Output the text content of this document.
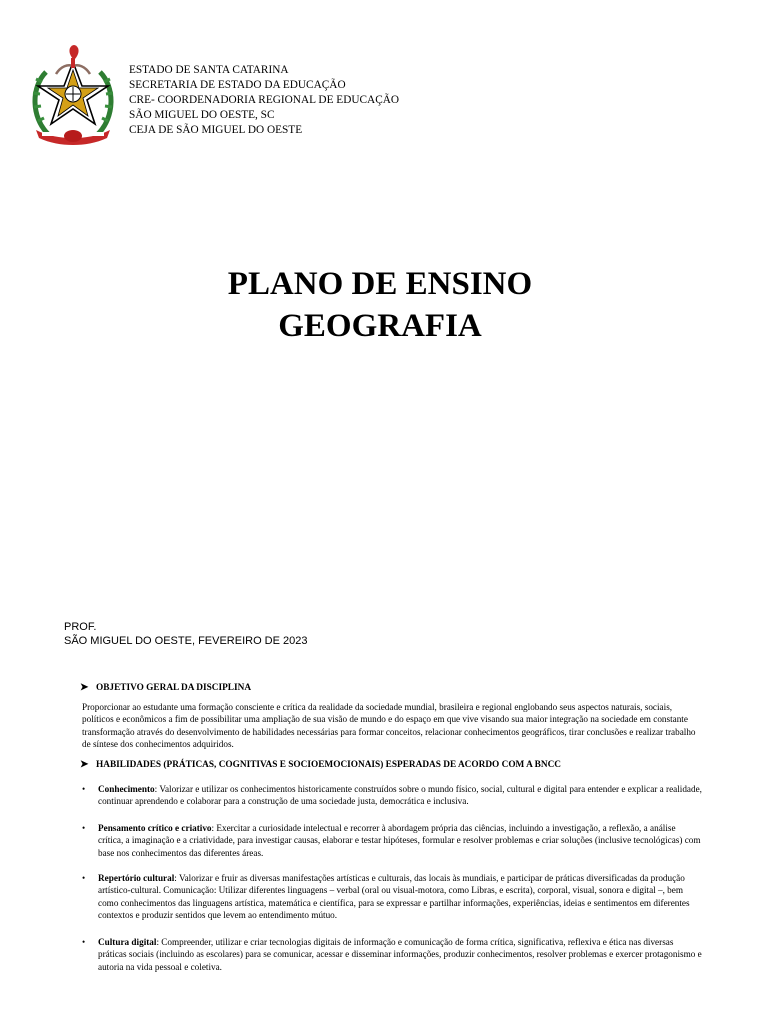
ESTADO DE SANTA CATARINA
SECRETARIA DE ESTADO DA EDUCAÇÃO
CRE- COORDENADORIA REGIONAL DE EDUCAÇÃO
SÃO MIGUEL DO OESTE, SC
CEJA DE SÃO MIGUEL DO OESTE
PLANO DE ENSINO
GEOGRAFIA
PROF.
SÃO MIGUEL DO OESTE, FEVEREIRO DE 2023
➤ OBJETIVO GERAL DA DISCIPLINA
Proporcionar ao estudante uma formação consciente e crítica da realidade da sociedade mundial, brasileira e regional englobando seus aspectos naturais, sociais, políticos e econômicos a fim de possibilitar uma ampliação de sua visão de mundo e do espaço em que vive visando sua maior integração na sociedade em constante transformação através do desenvolvimento de habilidades necessárias para formar conceitos, relacionar conhecimentos geográficos, tirar conclusões e realizar trabalho de síntese dos conhecimentos adquiridos.
➤ HABILIDADES (PRÁTICAS, COGNITIVAS E SOCIOEMOCIONAIS) ESPERADAS DE ACORDO COM A BNCC
• Conhecimento: Valorizar e utilizar os conhecimentos historicamente construídos sobre o mundo físico, social, cultural e digital para entender e explicar a realidade, continuar aprendendo e colaborar para a construção de uma sociedade justa, democrática e inclusiva.
• Pensamento crítico e criativo: Exercitar a curiosidade intelectual e recorrer à abordagem própria das ciências, incluindo a investigação, a reflexão, a análise crítica, a imaginação e a criatividade, para investigar causas, elaborar e testar hipóteses, formular e resolver problemas e criar soluções (inclusive tecnológicas) com base nos conhecimentos das diferentes áreas.
• Repertório cultural: Valorizar e fruir as diversas manifestações artísticas e culturais, das locais às mundiais, e participar de práticas diversificadas da produção artístico-cultural. Comunicação: Utilizar diferentes linguagens – verbal (oral ou visual-motora, como Libras, e escrita), corporal, visual, sonora e digital –, bem como conhecimentos das linguagens artística, matemática e científica, para se expressar e partilhar informações, experiências, ideias e sentimentos em diferentes contextos e produzir sentidos que levem ao entendimento mútuo.
• Cultura digital: Compreender, utilizar e criar tecnologias digitais de informação e comunicação de forma crítica, significativa, reflexiva e ética nas diversas práticas sociais (incluindo as escolares) para se comunicar, acessar e disseminar informações, produzir conhecimentos, resolver problemas e exercer protagonismo e autoria na vida pessoal e coletiva.
